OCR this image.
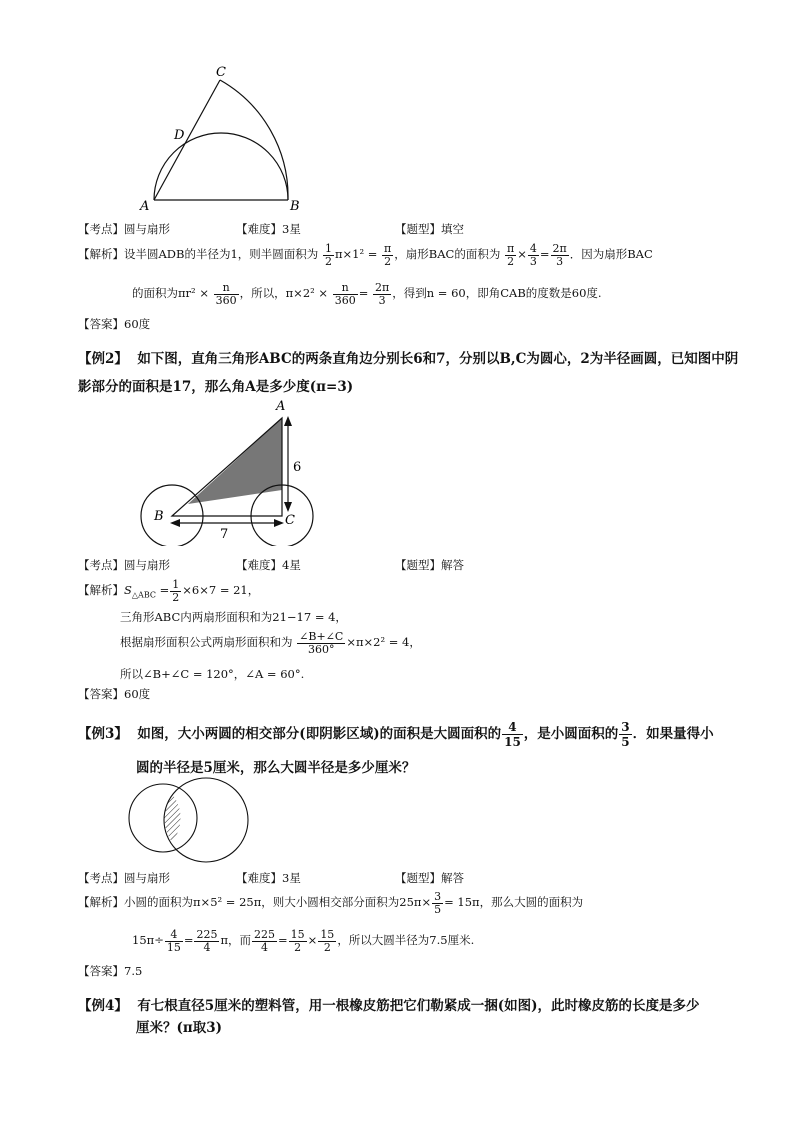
C
D
A	B
【考点】圆与扇形	【难度】3星	【题型】填空
【解析】设半圆ADB的半径为1，则半圆面积为 $\frac{1}{2} \pi\times 1^2 = \frac{\pi}{2}$ ，扇形BAC的面积为 $\frac{\pi}{2} \times \frac{4}{3} = \frac{2\pi}{3}$ ．因为扇形BAC
的面积为$\pi r^2 \times \frac{n}{360}$ ，所以，$\pi\times 2^2 \times \frac{n}{360} = \frac{2\pi}{3}$ ，得到n = 60，即角CAB的度数是60度.
【答案】60度
【例2】 如下图，直角三角形ABC的两条直角边分别长6和7，分别以B,C为圆心，2为半径画圆，已知图中阴影部分的面积是17，那么角A是多少度(π=3)
A
B	C
6
7
【考点】圆与扇形	【难度】4星	【题型】解答
【解析】$S_{\triangle ABC} = \frac{1}{2} \times 6\times 7 = 21$，
三角形ABC内两扇形面积和为21−17 = 4，
根据扇形面积公式两扇形面积和为 $\frac{\angle B+\angle C}{360^\circ} \times\pi\times 2^2 = 4$，
所以∠B+∠C = 120°，∠A = 60°.
【答案】60度
【例3】 如图，大小两圆的相交部分(即阴影区域)的面积是大圆面积的 $\frac{4}{15}$ ，是小圆面积的 $\frac{3}{5}$ ．如果量得小
圆的半径是5厘米，那么大圆半径是多少厘米？
【考点】圆与扇形	【难度】3星	【题型】解答
【解析】小圆的面积为π×5² = 25π，则大小圆相交部分面积为$25\pi\times \frac{3}{5} = 15\pi$，那么大圆的面积为
$15\pi\div \frac{4}{15} = \frac{225}{4}$ π，而 $\frac{225}{4} = \frac{15}{2} \times \frac{15}{2}$ ，所以大圆半径为7.5厘米.
【答案】7.5
【例4】 有七根直径5厘米的塑料管，用一根橡皮筋把它们勒紧成一捆(如图)，此时橡皮筋的长度是多少
厘米？(π取3)
